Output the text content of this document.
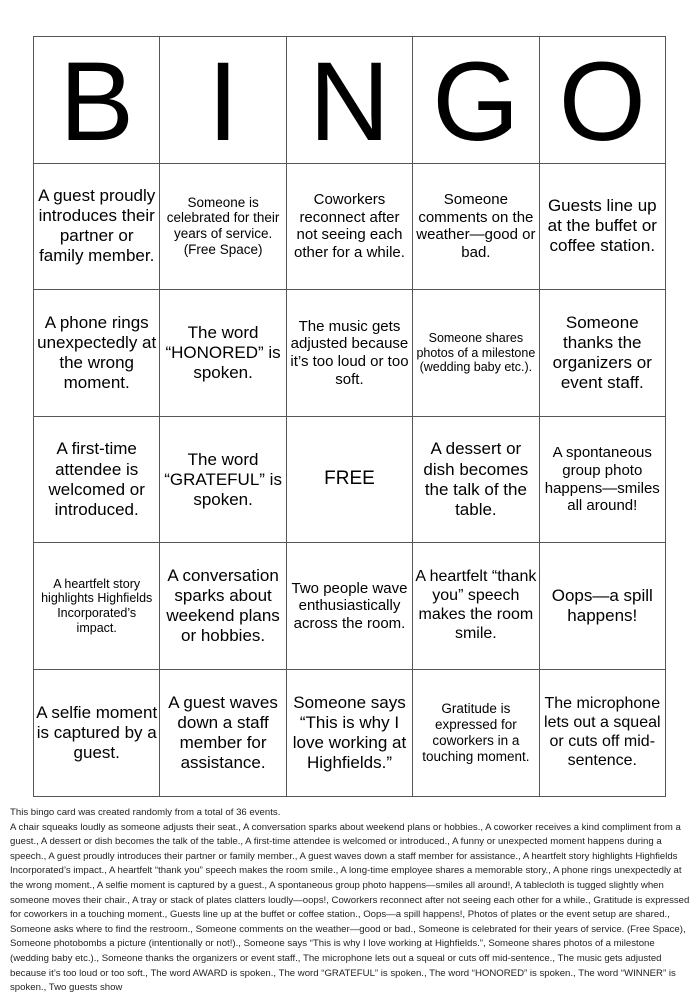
B	I	N	G	O
A guest proudly introduces their partner or family member.	Someone is celebrated for their years of service. (Free Space)	Coworkers reconnect after not seeing each other for a while.	Someone comments on the weather—good or bad.	Guests line up at the buffet or coffee station.
A phone rings unexpectedly at the wrong moment.	The word “HONORED” is spoken.	The music gets adjusted because it’s too loud or too soft.	Someone shares photos of a milestone (wedding baby etc.).	Someone thanks the organizers or event staff.
A first-time attendee is welcomed or introduced.	The word “GRATEFUL” is spoken.	FREE	A dessert or dish becomes the talk of the table.	A spontaneous group photo happens—smiles all around!
A heartfelt story highlights Highfields Incorporated’s impact.	A conversation sparks about weekend plans or hobbies.	Two people wave enthusiastically across the room.	A heartfelt “thank you” speech makes the room smile.	Oops—a spill happens!
A selfie moment is captured by a guest.	A guest waves down a staff member for assistance.	Someone says “This is why I love working at Highfields.”	Gratitude is expressed for coworkers in a touching moment.	The microphone lets out a squeal or cuts off mid-sentence.

This bingo card was created randomly from a total of 36 events.

A chair squeaks loudly as someone adjusts their seat., A conversation sparks about weekend plans or hobbies., A coworker receives a kind compliment from a guest., A dessert or dish becomes the talk of the table., A first-time attendee is welcomed or introduced., A funny or unexpected moment happens during a speech., A guest proudly introduces their partner or family member., A guest waves down a staff member for assistance., A heartfelt story highlights Highfields Incorporated’s impact., A heartfelt “thank you” speech makes the room smile., A long-time employee shares a memorable story., A phone rings unexpectedly at the wrong moment., A selfie moment is captured by a guest., A spontaneous group photo happens—smiles all around!, A tablecloth is tugged slightly when someone moves their chair., A tray or stack of plates clatters loudly—oops!, Coworkers reconnect after not seeing each other for a while., Gratitude is expressed for coworkers in a touching moment., Guests line up at the buffet or coffee station., Oops—a spill happens!, Photos of plates or the event setup are shared., Someone asks where to find the restroom., Someone comments on the weather—good or bad., Someone is celebrated for their years of service. (Free Space), Someone photobombs a picture (intentionally or not!)., Someone says “This is why I love working at Highfields.”, Someone shares photos of a milestone (wedding baby etc.)., Someone thanks the organizers or event staff., The microphone lets out a squeal or cuts off mid-sentence., The music gets adjusted because it’s too loud or too soft., The word AWARD is spoken., The word “GRATEFUL” is spoken., The word “HONORED” is spoken., The word “WINNER” is spoken., Two guests show
